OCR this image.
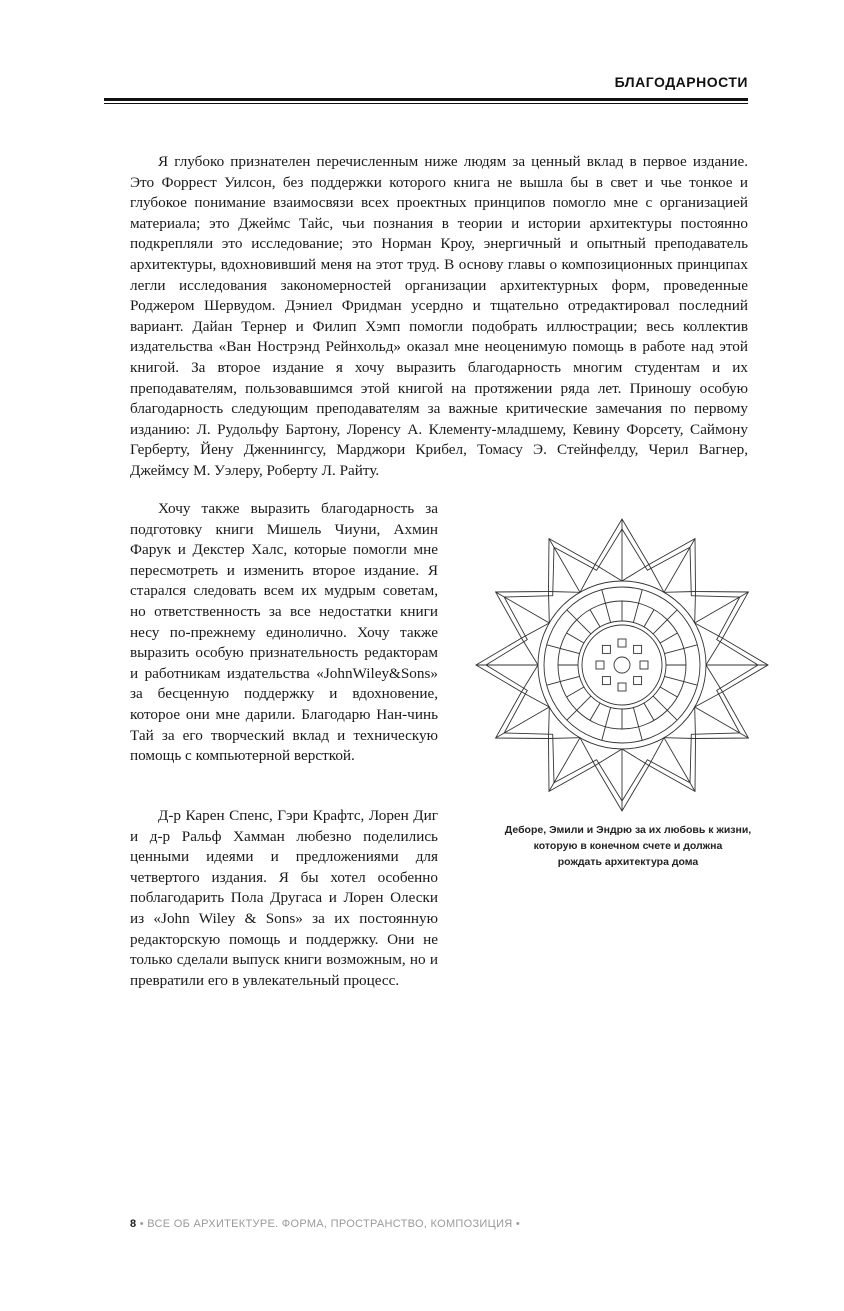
БЛАГОДАРНОСТИ

Я глубоко признателен перечисленным ниже людям за ценный вклад в первое издание. Это Форрест Уилсон, без поддержки которого книга не вышла бы в свет и чье тонкое и глубокое понимание взаимосвязи всех проектных принципов помогло мне с организацией материала; это Джеймс Тайс, чьи познания в теории и истории архитектуры постоянно подкрепляли это исследование; это Норман Кроу, энергичный и опытный преподаватель архитектуры, вдохновивший меня на этот труд. В основу главы о композиционных принципах легли исследования закономерностей организации архитектурных форм, проведенные Роджером Шервудом. Дэниел Фридман усердно и тщательно отредактировал последний вариант. Дайан Тернер и Филип Хэмп помогли подобрать иллюстрации; весь коллектив издательства «Ван Нострэнд Рейнхольд» оказал мне неоценимую помощь в работе над этой книгой. За второе издание я хочу выразить благодарность многим студентам и их преподавателям, пользовавшимся этой книгой на протяжении ряда лет. Приношу особую благодарность следующим преподавателям за важные критические замечания по первому изданию: Л. Рудольфу Бартону, Лоренсу А. Клементу-младшему, Кевину Форсету, Саймону Герберту, Йену Дженнингсу, Марджори Крибел, Томасу Э. Стейнфелду, Черил Вагнер, Джеймсу М. Уэлеру, Роберту Л. Райту.

Хочу также выразить благодарность за подготовку книги Мишель Чиуни, Ахмин Фарук и Декстер Халс, которые помогли мне пересмотреть и изменить второе издание. Я старался следовать всем их мудрым советам, но ответственность за все недостатки книги несу по-прежнему единолично. Хочу также выразить особую признательность редакторам и работникам издательства «JohnWiley&Sons» за бесценную поддержку и вдохновение, которое они мне дарили. Благодарю Нан-чинь Тай за его творческий вклад и техническую помощь с компьютерной версткой.

Д-р Карен Спенс, Гэри Крафтс, Лорен Диг и д-р Ральф Хамман любезно поделились ценными идеями и предложениями для четвертого издания. Я бы хотел особенно поблагодарить Пола Другаса и Лорен Олески из «John Wiley & Sons» за их постоянную редакторскую помощь и поддержку. Они не только сделали выпуск книги возможным, но и превратили его в увлекательный процесс.

Деборе, Эмили и Эндрю за их любовь к жизни,
которую в конечном счете и должна
рождать архитектура дома
8 • ВСЕ ОБ АРХИТЕКТУРЕ. ФОРМА, ПРОСТРАНСТВО, КОМПОЗИЦИЯ •
